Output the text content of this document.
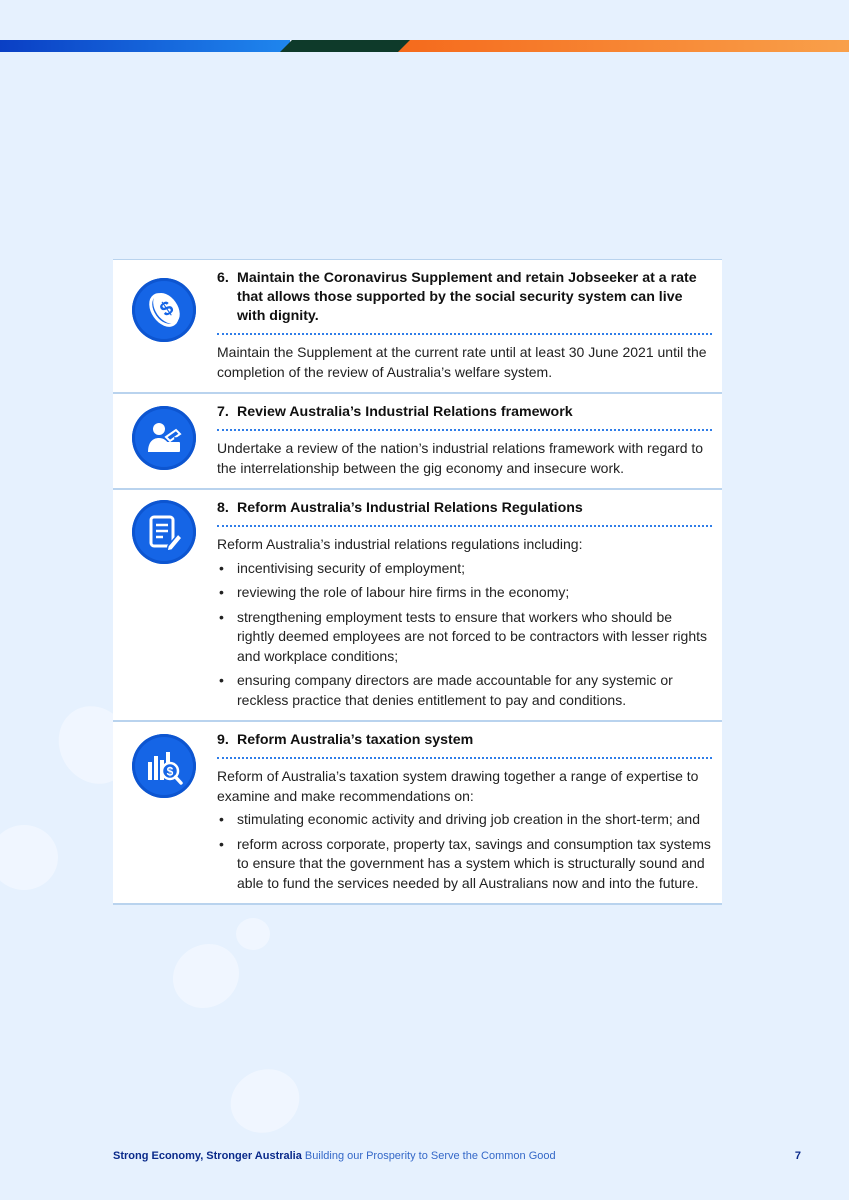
$
6. Maintain the Coronavirus Supplement and retain Jobseeker at a rate that allows those supported by the social security system can live with dignity.

Maintain the Supplement at the current rate until at least 30 June 2021 until the completion of the review of Australia’s welfare system.

7. Review Australia’s Industrial Relations framework

Undertake a review of the nation’s industrial relations framework with regard to the interrelationship between the gig economy and insecure work.

8. Reform Australia’s Industrial Relations Regulations

Reform Australia’s industrial relations regulations including:

• incentivising security of employment;
• reviewing the role of labour hire firms in the economy;
• strengthening employment tests to ensure that workers who should be rightly deemed employees are not forced to be contractors with lesser rights and workplace conditions;
• ensuring company directors are made accountable for any systemic or reckless practice that denies entitlement to pay and conditions.
$
9. Reform Australia’s taxation system

Reform of Australia’s taxation system drawing together a range of expertise to examine and make recommendations on:

• stimulating economic activity and driving job creation in the short-term; and
• reform across corporate, property tax, savings and consumption tax systems to ensure that the government has a system which is structurally sound and able to fund the services needed by all Australians now and into the future.
Strong Economy, Stronger Australia Building our Prosperity to Serve the Common Good	7
